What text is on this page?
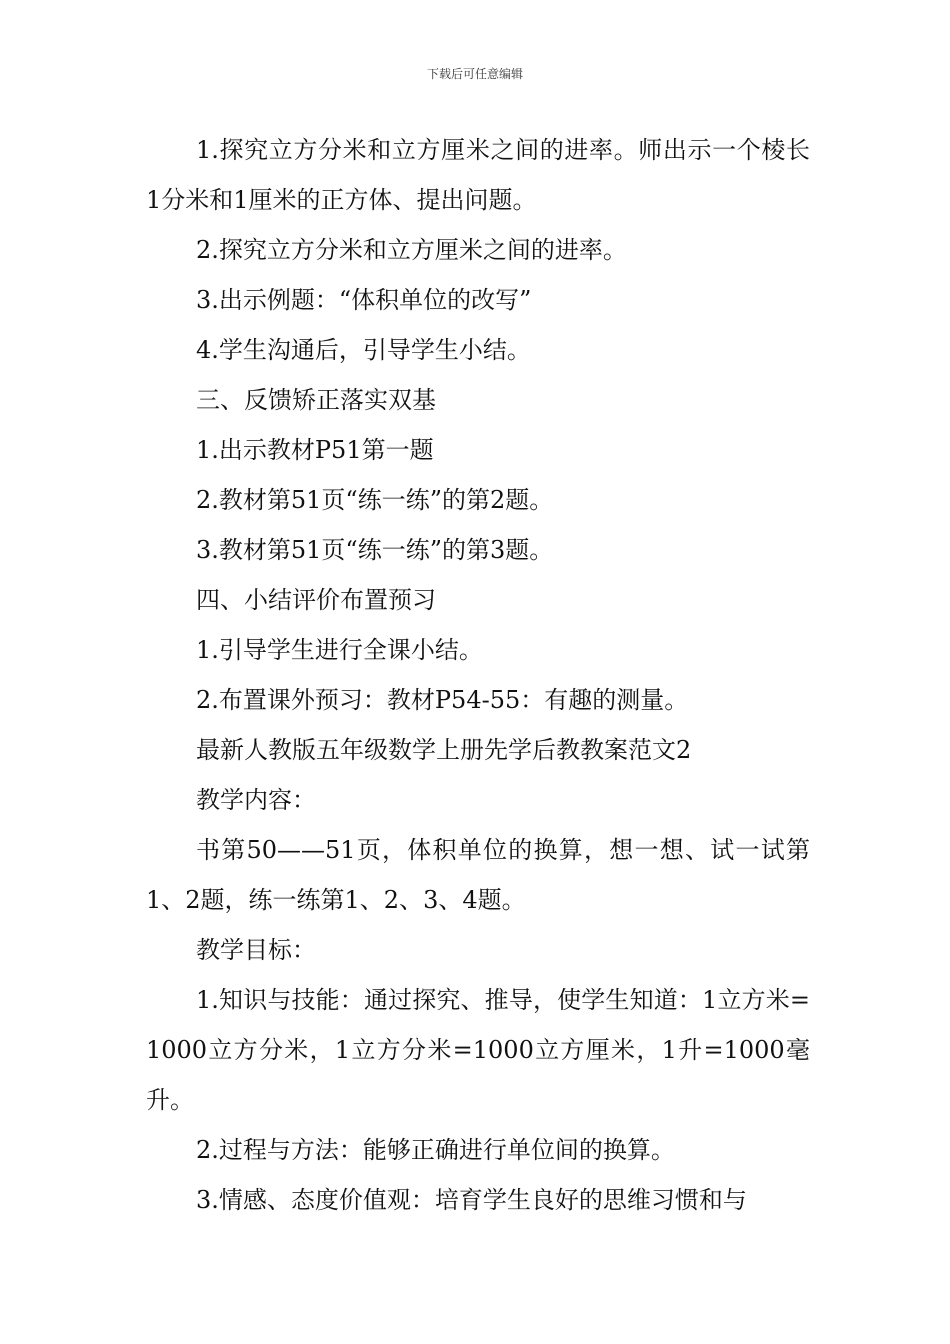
下载后可任意编辑

1.探究立方分米和立方厘米之间的进率。师出示一个棱长1分米和1厘米的正方体、提出问题。

2.探究立方分米和立方厘米之间的进率。

3.出示例题：“体积单位的改写”

4.学生沟通后，引导学生小结。

三、反馈矫正落实双基

1.出示教材P51第一题

2.教材第51页“练一练”的第2题。

3.教材第51页“练一练”的第3题。

四、小结评价布置预习

1.引导学生进行全课小结。

2.布置课外预习：教材P54-55：有趣的测量。

最新人教版五年级数学上册先学后教教案范文2

教学内容：

书第50——51页，体积单位的换算，想一想、试一试第1、2题，练一练第1、2、3、4题。

教学目标：

1.知识与技能：通过探究、推导，使学生知道：1立方米=1000立方分米，1立方分米=1000立方厘米，1升=1000毫升。

2.过程与方法：能够正确进行单位间的换算。

3.情感、态度价值观：培育学生良好的思维习惯和与
